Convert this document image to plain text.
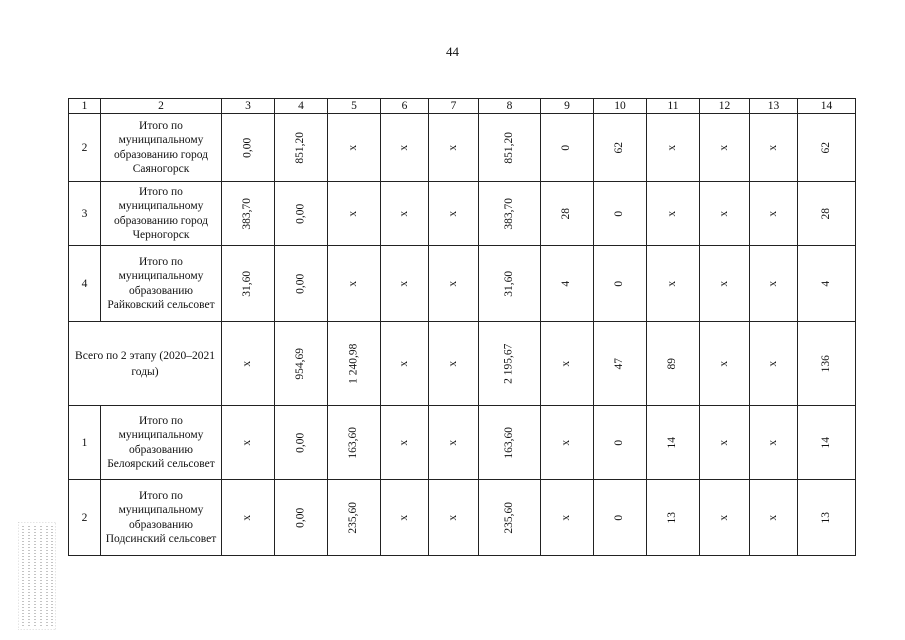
44
1	2	3	4	5	6	7	8	9	10	11	12	13	14
2	Итого по муниципальному образованию город Саяногорск	0,00	851,20	x	x	x	851,20	0	62	x	x	x	62
3	Итого по муниципальному образованию город Черногорск	383,70	0,00	x	x	x	383,70	28	0	x	x	x	28
4	Итого по муниципальному образованию Райковский сельсовет	31,60	0,00	x	x	x	31,60	4	0	x	x	x	4
Всего по 2 этапу (2020–2021 годы)		x	954,69	1 240,98	x	x	2 195,67	x	47	89	x	x	136
1	Итого по муниципальному образованию Белоярский сельсовет	x	0,00	163,60	x	x	163,60	x	0	14	x	x	14
2	Итого по муниципальному образованию Подсинский сельсовет	x	0,00	235,60	x	x	235,60	x	0	13	x	x	13
